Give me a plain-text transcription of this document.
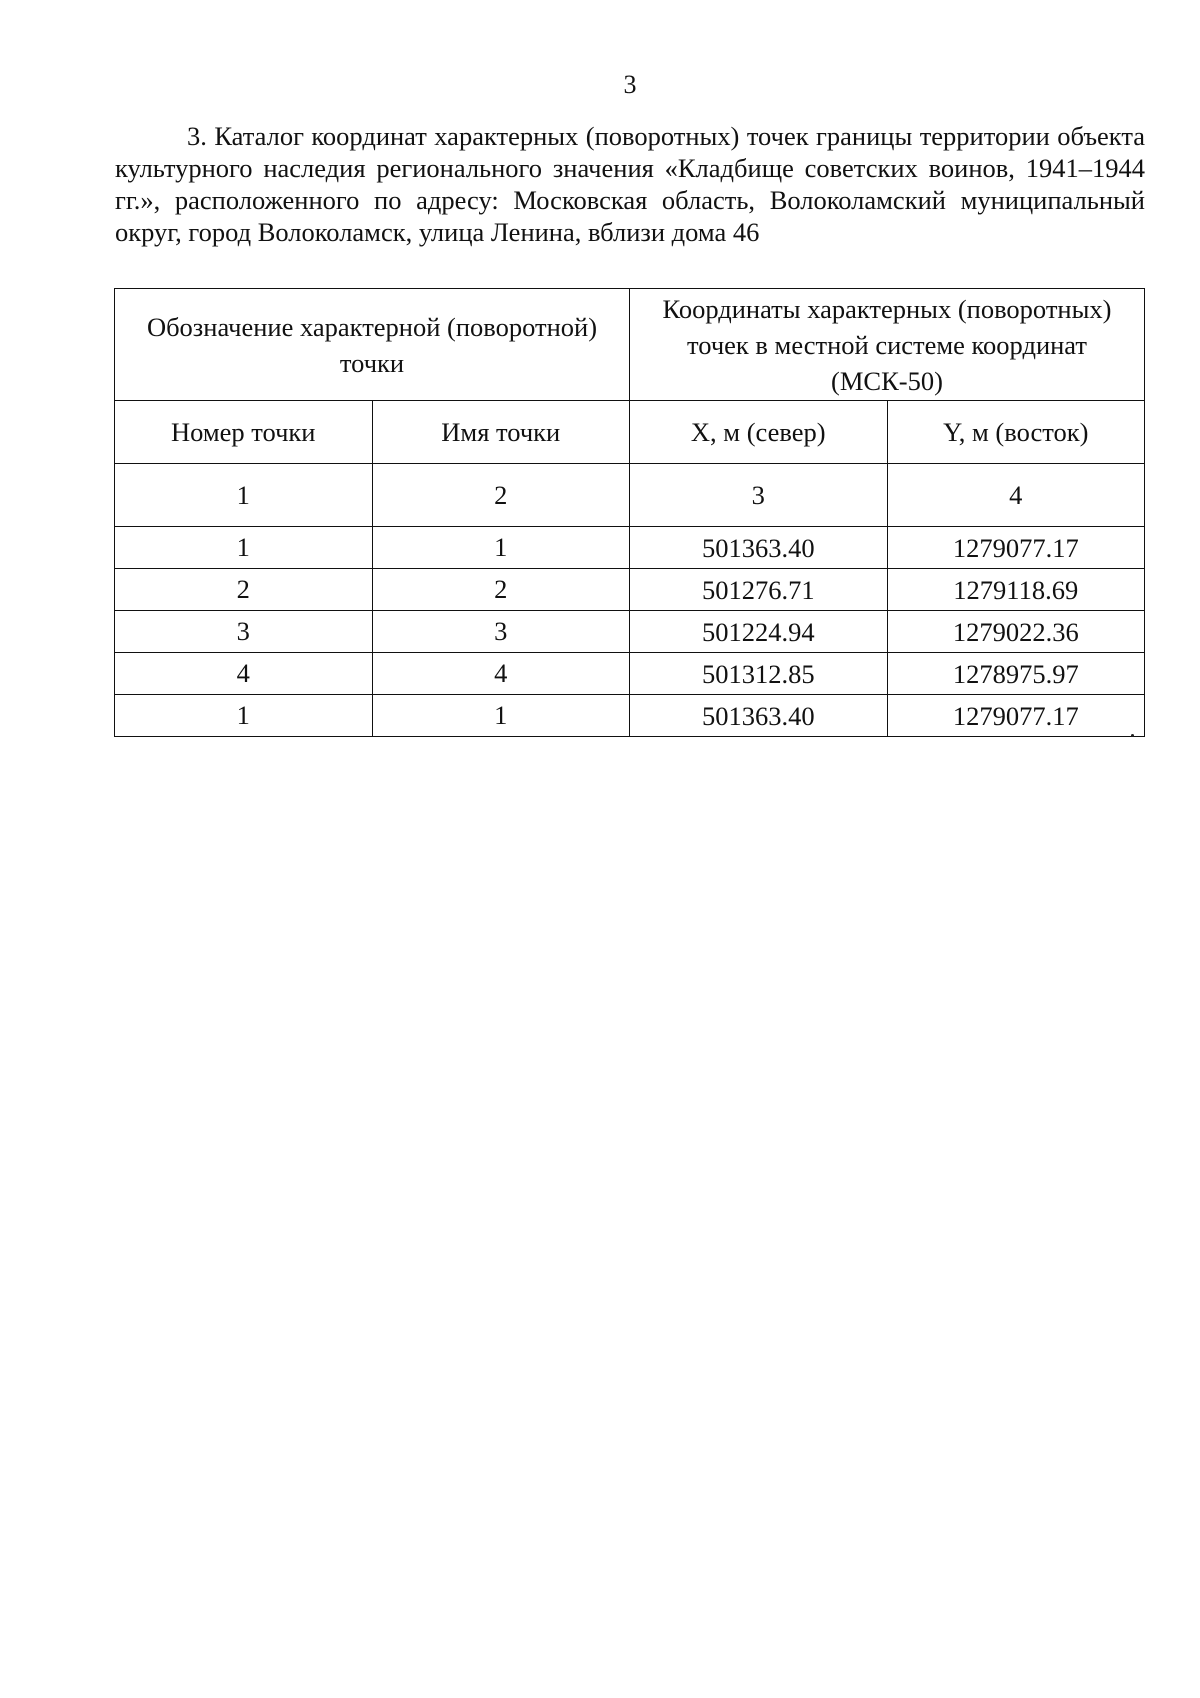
3

3. Каталог координат характерных (поворотных) точек границы территории объекта культурного наследия регионального значения «Кладбище советских воинов, 1941–1944 гг.», расположенного по адресу: Московская область, Волоколамский муниципальный округ, город Волоколамск, улица Ленина, вблизи дома 46

Обозначение характерной (поворотной) точки		Координаты характерных (поворотных) точек в местной системе координат (МСК-50)	
Номер точки	Имя точки	X, м (север)	Y, м (восток)
1	2	3	4
1	1	501363.40	1279077.17
2	2	501276.71	1279118.69
3	3	501224.94	1279022.36
4	4	501312.85	1278975.97
1	1	501363.40	1279077.17
